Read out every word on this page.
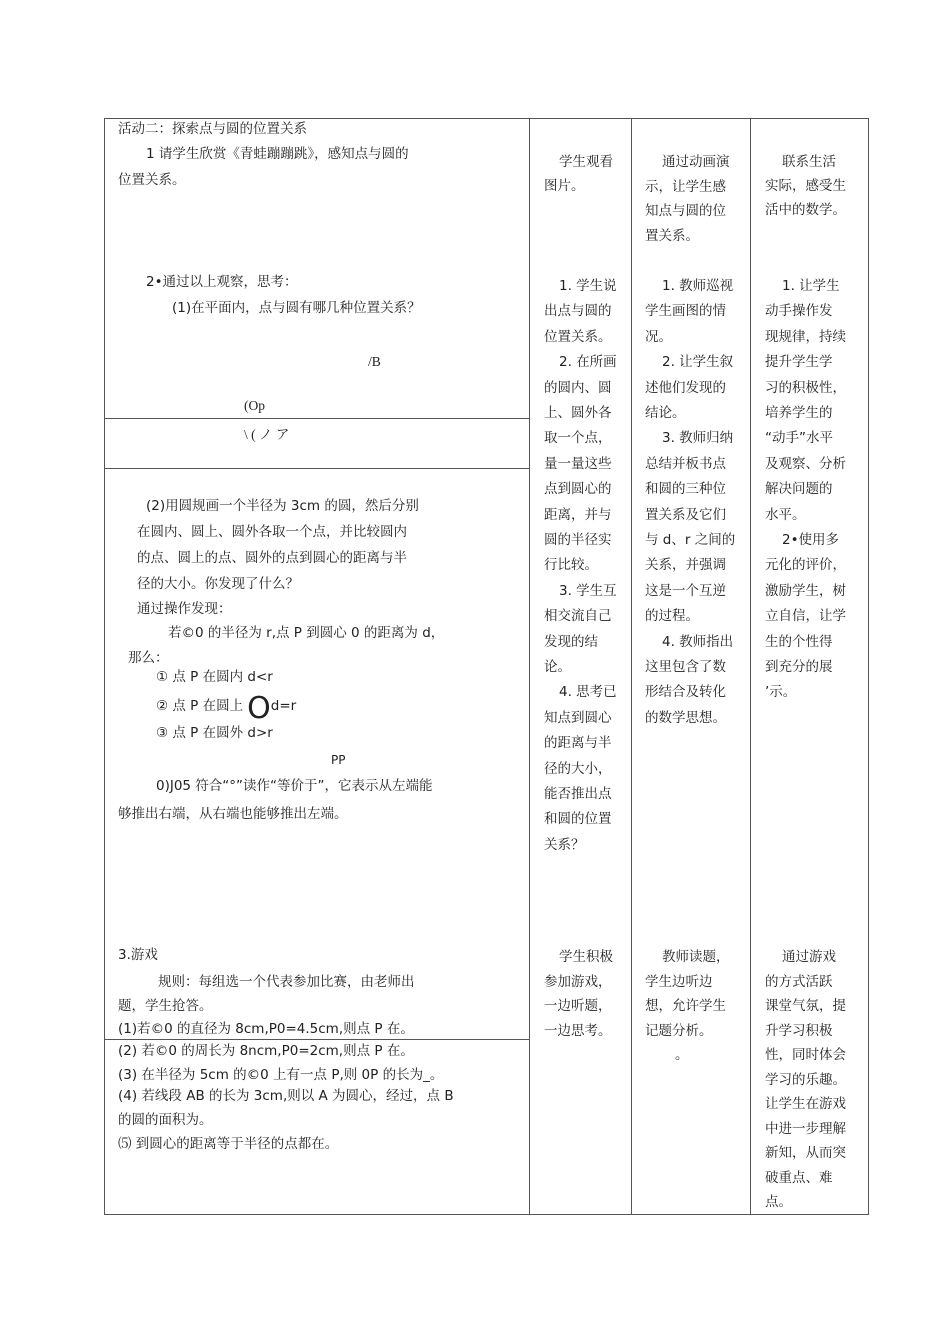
活动二：探索点与圆的位置关系
1 请学生欣赏《青蛙蹦蹦跳》，感知点与圆的
位置关系。
2•通过以上观察，思考：
(1)在平面内，点与圆有哪几种位置关系？
/B
(Op
\ ( ノ ア
(2)用圆规画一个半径为 3cm 的圆，然后分别
在圆内、圆上、圆外各取一个点，并比较圆内
的点、圆上的点、圆外的点到圆心的距离与半
径的大小。你发现了什么？
通过操作发现：
若©0 的半径为 r,点 P 到圆心 0 的距离为 d，
那么：
① 点 P 在圆内 d<r
② 点 P 在圆上 Od=r
③ 点 P 在圆外 d>r
PP
0)J05 符合“°”读作“等价于”，它表示从左端能
够推出右端，从右端也能够推出左端。
3.游戏
规则：每组选一个代表参加比赛，由老师出
题，学生抢答。
(1)若©0 的直径为 8cm,P0=4.5cm,则点 P 在。
(2) 若©0 的周长为 8ncm,P0=2cm,则点 P 在。
(3) 在半径为 5cm 的©0 上有一点 P,则 0P 的长为_。
(4) 若线段 AB 的长为 3cm,则以 A 为圆心，经过，点 B
的圆的面积为。
⑸ 到圆心的距离等于半径的点都在。
学生观看
图片。
1. 学生说
出点与圆的
位置关系。
2. 在所画
的圆内、圆
上、圆外各
取一个点，
量一量这些
点到圆心的
距离，并与
圆的半径实
行比较。
3. 学生互
相交流自己
发现的结
论。
4. 思考已
知点到圆心
的距离与半
径的大小，
能否推出点
和圆的位置
关系？
学生积极
参加游戏，
一边听题，
一边思考。
通过动画演
示，让学生感
知点与圆的位
置关系。
1. 教师巡视
学生画图的情
况。
2. 让学生叙
述他们发现的
结论。
3. 教师归纳
总结并板书点
和圆的三种位
置关系及它们
与 d、r 之间的
关系，并强调
这是一个互逆
的过程。
4. 教师指出
这里包含了数
形结合及转化
的数学思想。
教师读题，
学生边听边
想，允许学生
记题分析。
。
联系生活
实际，感受生
活中的数学。
1. 让学生
动手操作发
现规律，持续
提升学生学
习的积极性，
培养学生的
“动手”水平
及观察、分析
解决问题的
水平。
2•使用多
元化的评价，
激励学生，树
立自信，让学
生的个性得
到充分的展
’示。
通过游戏
的方式活跃
课堂气氛，提
升学习积极
性，同时体会
学习的乐趣。
让学生在游戏
中进一步理解
新知，从而突
破重点、难
点。
